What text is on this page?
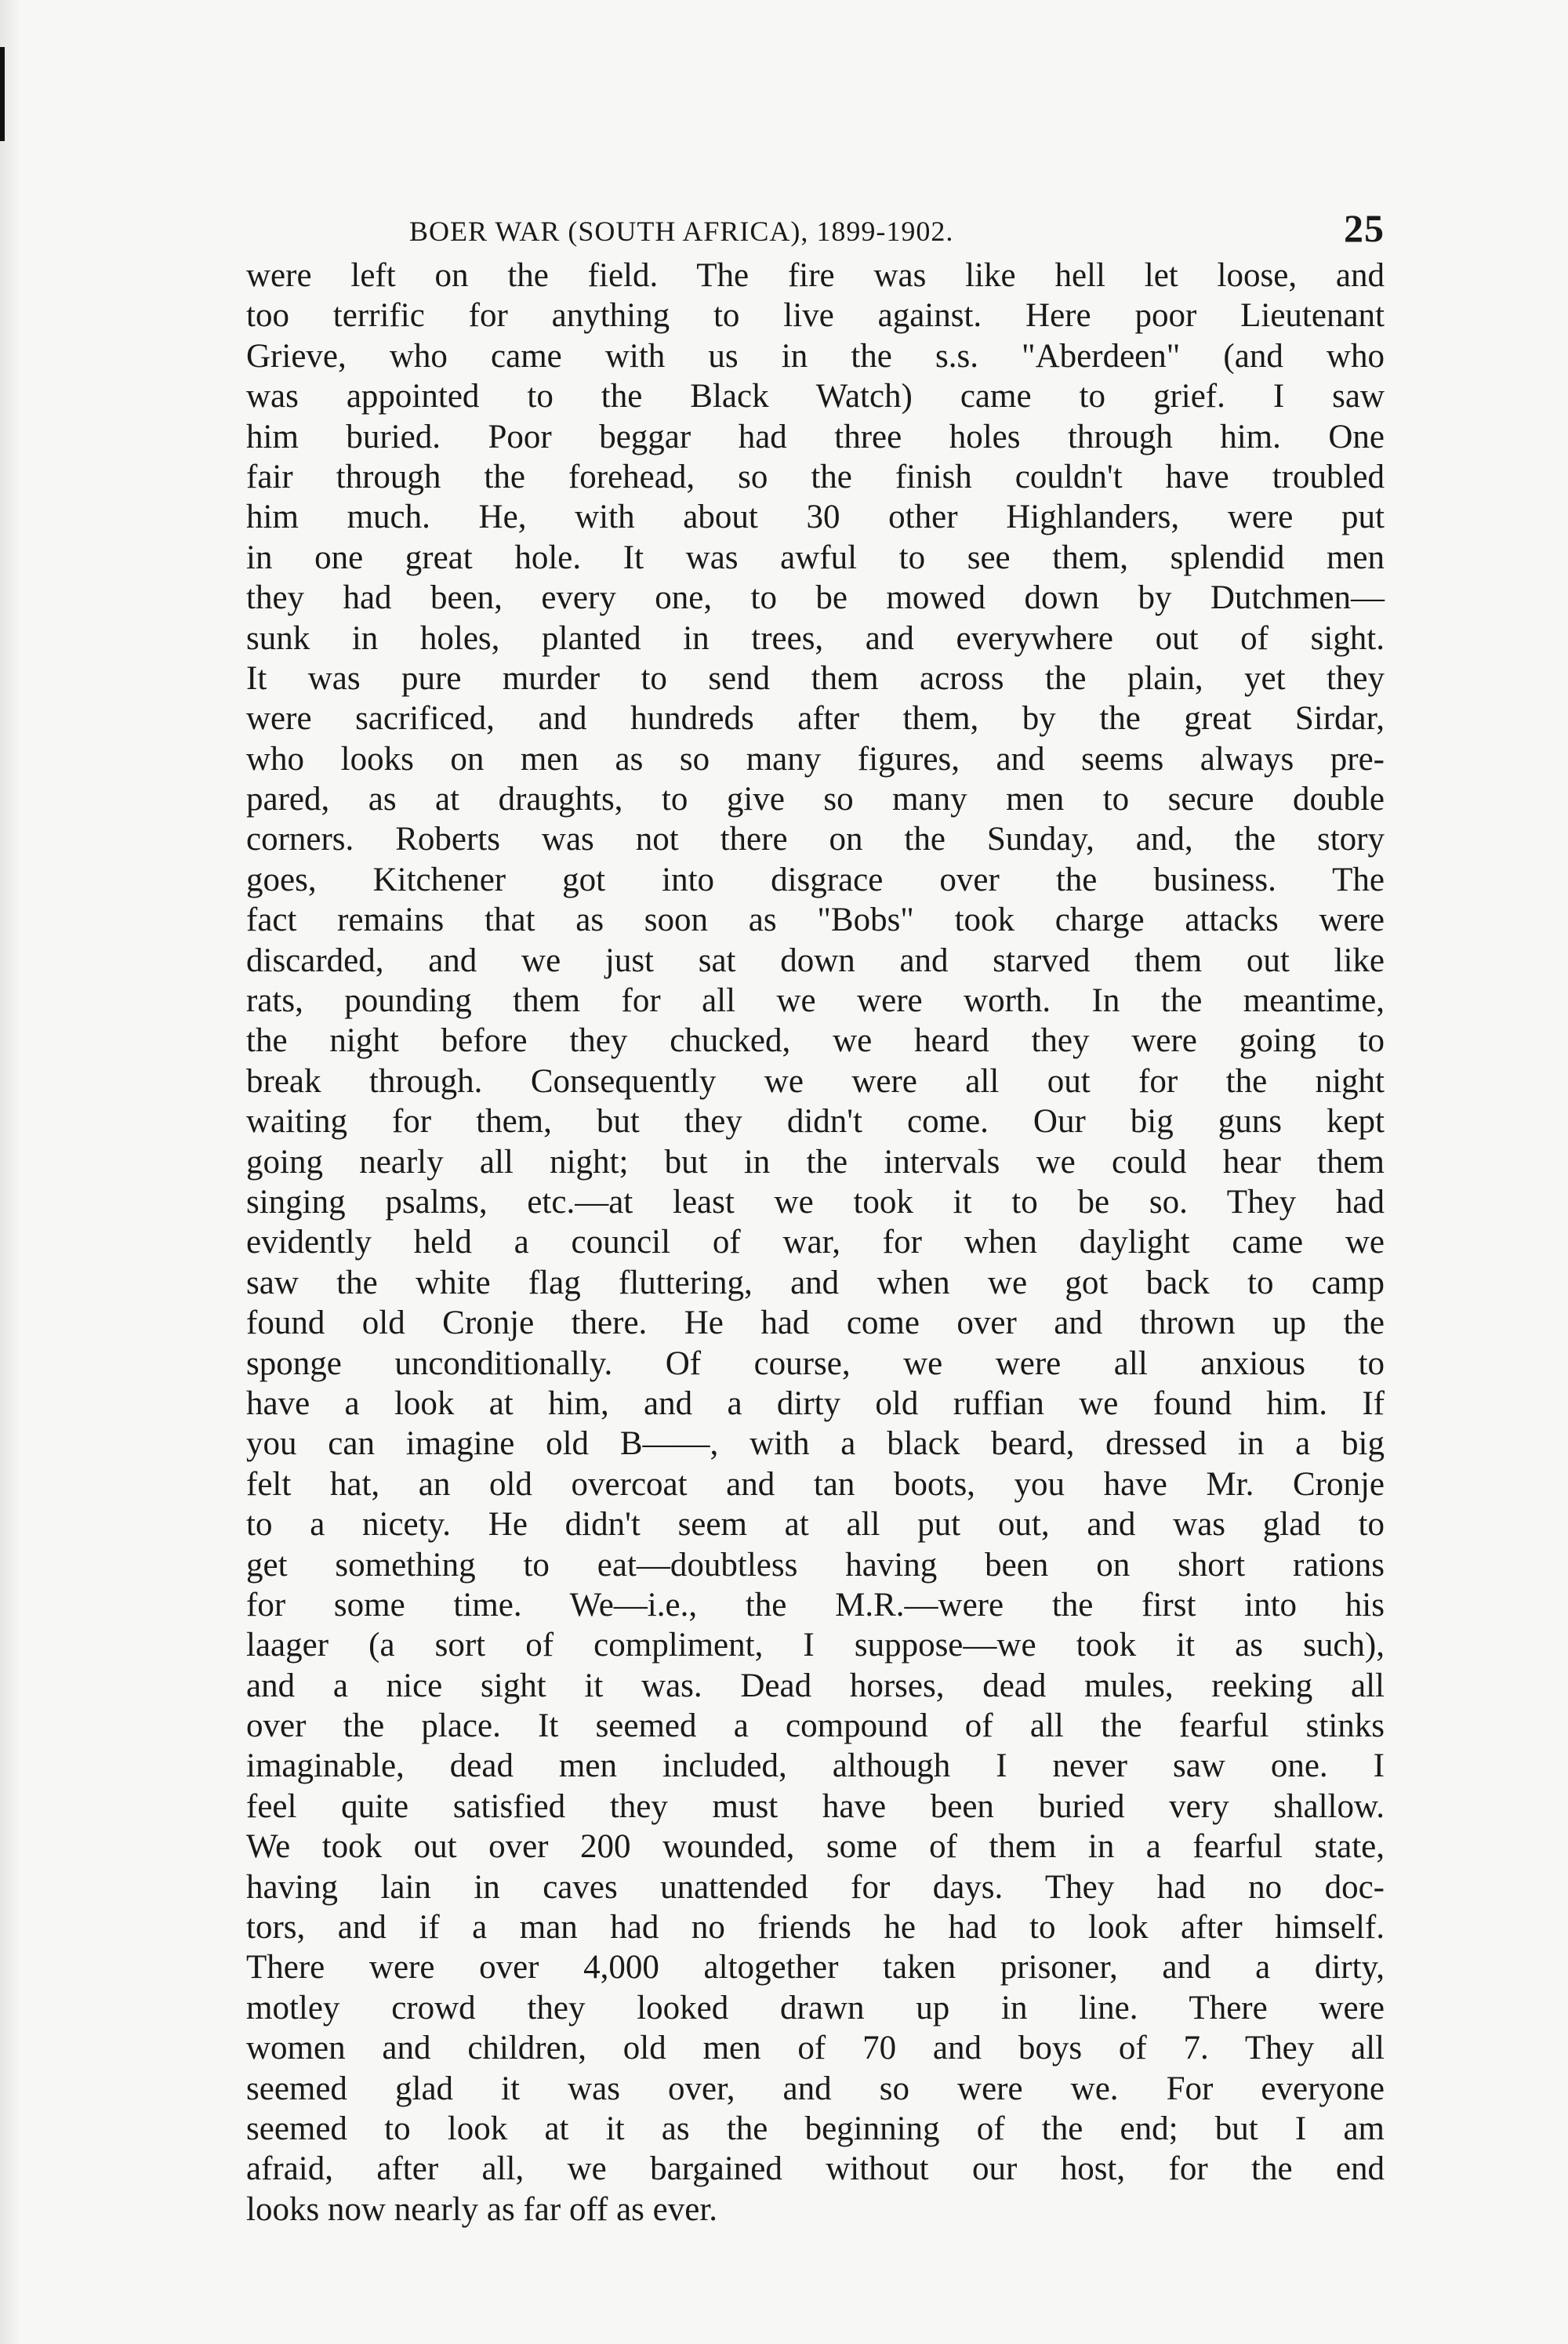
BOER WAR (SOUTH AFRICA), 1899-1902.	25
were left on the field. The fire was like hell let loose, and
too terrific for anything to live against. Here poor Lieutenant
Grieve, who came with us in the s.s. "Aberdeen" (and who
was appointed to the Black Watch) came to grief. I saw
him buried. Poor beggar had three holes through him. One
fair through the forehead, so the finish couldn't have troubled
him much. He, with about 30 other Highlanders, were put
in one great hole. It was awful to see them, splendid men
they had been, every one, to be mowed down by Dutchmen—
sunk in holes, planted in trees, and everywhere out of sight.
It was pure murder to send them across the plain, yet they
were sacrificed, and hundreds after them, by the great Sirdar,
who looks on men as so many figures, and seems always pre-
pared, as at draughts, to give so many men to secure double
corners. Roberts was not there on the Sunday, and, the story
goes, Kitchener got into disgrace over the business. The
fact remains that as soon as "Bobs" took charge attacks were
discarded, and we just sat down and starved them out like
rats, pounding them for all we were worth. In the meantime,
the night before they chucked, we heard they were going to
break through. Consequently we were all out for the night
waiting for them, but they didn't come. Our big guns kept
going nearly all night; but in the intervals we could hear them
singing psalms, etc.—at least we took it to be so. They had
evidently held a council of war, for when daylight came we
saw the white flag fluttering, and when we got back to camp
found old Cronje there. He had come over and thrown up the
sponge unconditionally. Of course, we were all anxious to
have a look at him, and a dirty old ruffian we found him. If
you can imagine old B——, with a black beard, dressed in a big
felt hat, an old overcoat and tan boots, you have Mr. Cronje
to a nicety. He didn't seem at all put out, and was glad to
get something to eat—doubtless having been on short rations
for some time. We—i.e., the M.R.—were the first into his
laager (a sort of compliment, I suppose—we took it as such),
and a nice sight it was. Dead horses, dead mules, reeking all
over the place. It seemed a compound of all the fearful stinks
imaginable, dead men included, although I never saw one. I
feel quite satisfied they must have been buried very shallow.
We took out over 200 wounded, some of them in a fearful state,
having lain in caves unattended for days. They had no doc-
tors, and if a man had no friends he had to look after himself.
There were over 4,000 altogether taken prisoner, and a dirty,
motley crowd they looked drawn up in line. There were
women and children, old men of 70 and boys of 7. They all
seemed glad it was over, and so were we. For everyone
seemed to look at it as the beginning of the end; but I am
afraid, after all, we bargained without our host, for the end
looks now nearly as far off as ever.
